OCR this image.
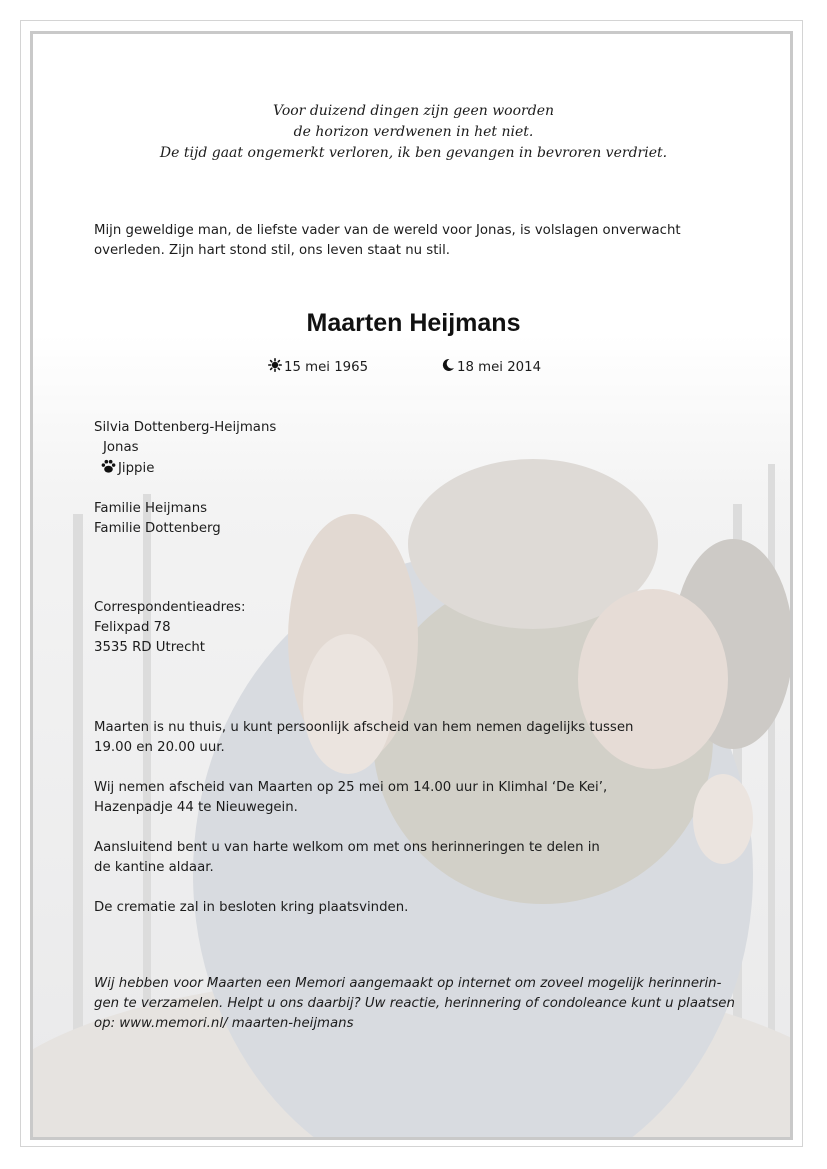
Voor duizend dingen zijn geen woorden
de horizon verdwenen in het niet.
De tijd gaat ongemerkt verloren, ik ben gevangen in bevroren verdriet.
Mijn geweldige man, de liefste vader van de wereld voor Jonas, is volslagen onverwacht
overleden. Zijn hart stond stil, ons leven staat nu stil.
Maarten Heijmans
15 mei 1965	18 mei 2014
Silvia Dottenberg-Heijmans
Jonas
Jippie
Familie Heijmans
Familie Dottenberg
Correspondentieadres:
Felixpad 78
3535 RD Utrecht
Maarten is nu thuis, u kunt persoonlijk afscheid van hem nemen dagelijks tussen
19.00 en 20.00 uur.
Wij nemen afscheid van Maarten op 25 mei om 14.00 uur in Klimhal ‘De Kei’,
Hazenpadje 44 te Nieuwegein.
Aansluitend bent u van harte welkom om met ons herinneringen te delen in
de kantine aldaar.
De crematie zal in besloten kring plaatsvinden.
Wij hebben voor Maarten een Memori aangemaakt op internet om zoveel mogelijk herinnerin-
gen te verzamelen. Helpt u ons daarbij? Uw reactie, herinnering of condoleance kunt u plaatsen
op: www.memori.nl/ maarten-heijmans
